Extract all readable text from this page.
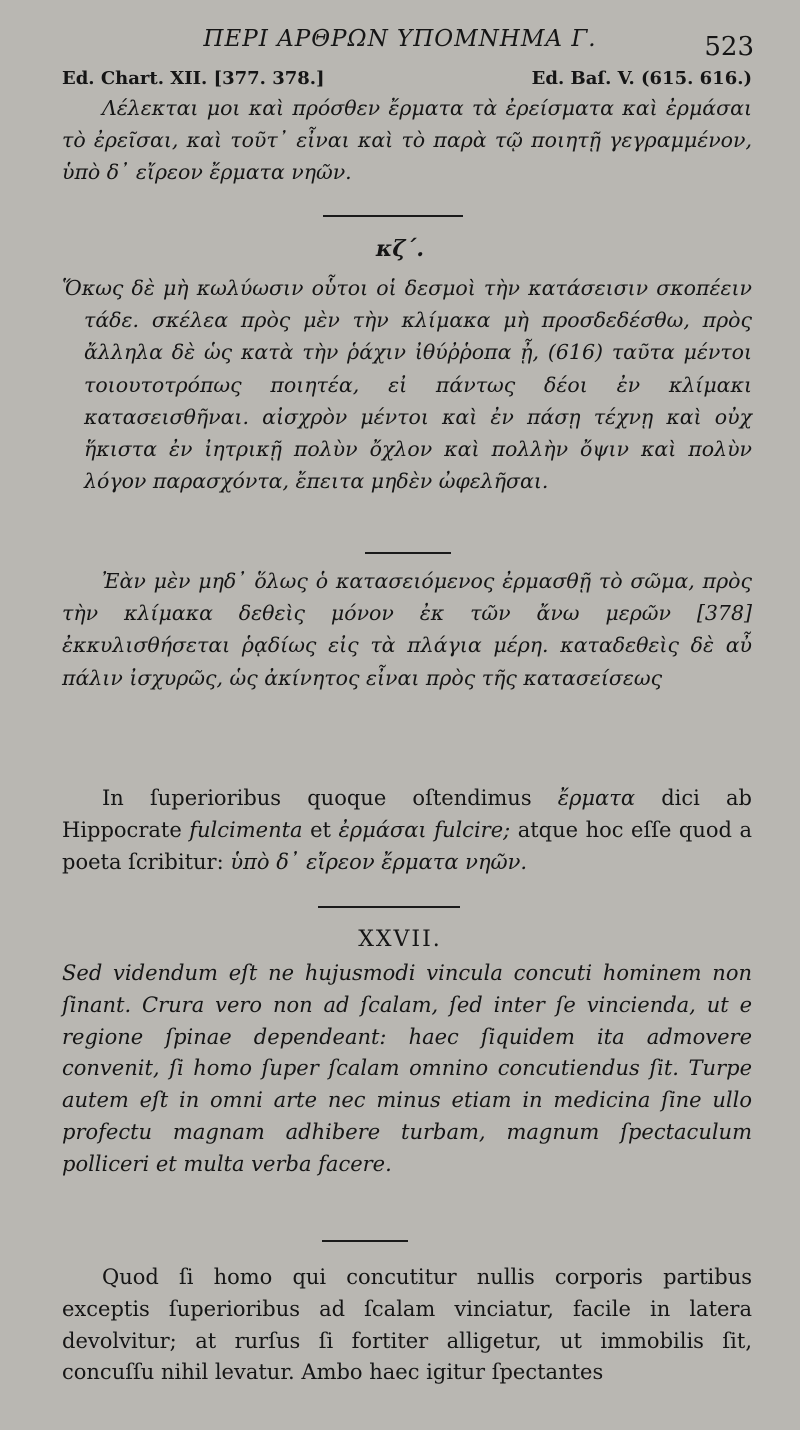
ΠΕΡΙ ΑΡΘΡΩΝ ΥΠΟΜΝΗΜΑ Γ.	523
Ed. Chart. XII. [377. 378.]	Ed. Baſ. V. (615. 616.)

Λέλεκται μοι καὶ πρόσθεν ἔρματα τὰ ἐρείσματα καὶ ἐρμάσαι τὸ ἐρεῖσαι, καὶ τοῦτ᾽ εἶναι καὶ τὸ παρὰ τῷ ποιητῇ γεγραμμένον, ὑπὸ δ᾽ εἴρεον ἔρματα νηῶν.

κζ΄.

Ὅκως δὲ μὴ κωλύωσιν οὗτοι οἱ δεσμοὶ τὴν κατάσεισιν σκοπέειν τάδε. σκέλεα πρὸς μὲν τὴν κλίμακα μὴ προσδεδέσθω, πρὸς ἄλληλα δὲ ὡς κατὰ τὴν ῥάχιν ἰθύῤῥοπα ᾖ, (616) ταῦτα μέντοι τοιουτοτρόπως ποιητέα, εἰ πάντως δέοι ἐν κλίμακι κατασεισθῆναι. αἰσχρὸν μέντοι καὶ ἐν πάσῃ τέχνῃ καὶ οὐχ ἥκιστα ἐν ἰητρικῇ πολὺν ὄχλον καὶ πολλὴν ὄψιν καὶ πολὺν λόγον παρασχόντα, ἔπειτα μηδὲν ὠφελῆσαι.

Ἐὰν μὲν μηδ᾽ ὅλως ὁ κατασειόμενος ἐρμασθῇ τὸ σῶμα, πρὸς τὴν κλίμακα δεθεὶς μόνον ἐκ τῶν ἄνω μερῶν [378] ἐκκυλισθήσεται ῥᾳδίως εἰς τὰ πλάγια μέρη. καταδεθεὶς δὲ αὖ πάλιν ἰσχυρῶς, ὡς ἀκίνητος εἶναι πρὸς τῆς κατασείσεως

In ſuperioribus quoque oſtendimus ἔρματα dici ab Hippocrate fulcimenta et ἐρμάσαι fulcire; atque hoc eſſe quod a poeta ſcribitur: ὑπὸ δ᾽ εἴρεον ἔρματα νηῶν.

XXVII.

Sed videndum eſt ne hujusmodi vincula concuti hominem non ſinant. Crura vero non ad ſcalam, ſed inter ſe vincienda, ut e regione ſpinae dependeant: haec ſiquidem ita admovere convenit, ſi homo ſuper ſcalam omnino concutiendus ſit. Turpe autem eſt in omni arte nec minus etiam in medicina ſine ullo profectu magnam adhibere turbam, magnum ſpectaculum polliceri et multa verba facere.

Quod ſi homo qui concutitur nullis corporis partibus exceptis ſuperioribus ad ſcalam vinciatur, facile in latera devolvitur; at rurſus ſi fortiter alligetur, ut immobilis ſit, concuſſu nihil levatur. Ambo haec igitur ſpectantes
